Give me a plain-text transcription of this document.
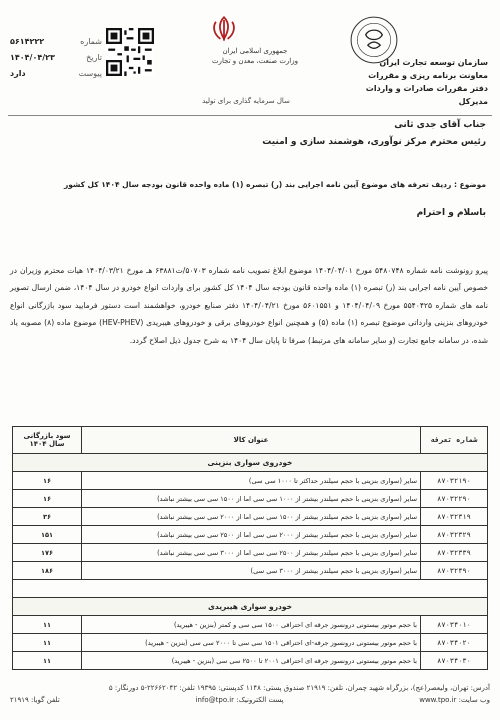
۵۶۱۴۲۲۲	شماره
۱۴۰۴/۰۴/۲۳	تاریخ
دارد	پیوست
جمهوری اسلامی ایران
وزارت صنعت، معدن و تجارت
سال سرمایه گذاری برای تولید
سازمان توسعه تجارت ایران
معاونت برنامه ریزی و مقررات
دفتر مقررات صادرات و واردات
مدیرکل
جناب آقای جدی ثانی
رئیس محترم مرکز نوآوری، هوشمند سازی و امنیت
موضوع : ردیف تعرفه های موضوع آیین نامه اجرایی بند (ر) تبصره (۱) ماده واحده قانون بودجه سال ۱۴۰۴ کل کشور
باسلام و احترام
پیرو رونوشت نامه شماره ۵۴۸۰۷۴۸ مورخ ۱۴۰۴/۰۴/۰۱ موضوع ابلاغ تصویب نامه شماره ۵۰۷۰۳/ت۶۳۸۸۱ هـ مورخ ۱۴۰۴/۰۳/۲۱ هیات محترم وزیران در خصوص آیین نامه اجرایی بند (ر) تبصره (۱) ماده واحده قانون بودجه سال ۱۴۰۴ کل کشور برای واردات انواع خودرو در سال ۱۴۰۴، ضمن ارسال تصویر نامه های شماره ۵۵۴۰۴۲۵ مورخ ۱۴۰۴/۰۴/۰۹ و ۵۶۰۱۵۵۱ مورخ ۱۴۰۴/۰۴/۲۱ دفتر صنایع خودرو، خواهشمند است دستور فرمایید سود بازرگانی انواع خودروهای بنزینی وارداتی موضوع تبصره (۱) ماده (۵) و همچنین انواع خودروهای برقی و خودروهای هیبریدی (HEV-PHEV) موضوع ماده (۸) مصوبه یاد شده، در سامانه جامع تجارت (و سایر سامانه های مرتبط) صرفا تا پایان سال ۱۴۰۴ به شرح جدول ذیل اصلاح گردد.
شماره تعرفه	عنوان کالا	سود بازرگانی سال ۱۴۰۴
خودروی سواری بنزینی		
۸۷۰۳۲۱۹۰	سایر (سواری بنزینی با حجم سیلندر حداکثر تا ۱۰۰۰ سی سی)	۱۶
۸۷۰۳۲۲۹۰	سایر (سواری بنزینی با حجم سیلندر بیشتر از ۱۰۰۰ سی سی اما از ۱۵۰۰ سی سی بیشتر نباشد)	۱۶
۸۷۰۳۲۳۱۹	سایر (سواری بنزینی با حجم سیلندر بیشتر از ۱۵۰۰ سی سی اما از ۲۰۰۰ سی سی بیشتر نباشد)	۳۶
۸۷۰۳۲۳۲۹	سایر (سواری بنزینی با حجم سیلندر بیشتر از ۲۰۰۰ سی سی اما از ۲۵۰۰ سی سی بیشتر نباشد)	۱۵۱
۸۷۰۳۲۳۳۹	سایر (سواری بنزینی با حجم سیلندر بیشتر از ۲۵۰۰ سی سی اما از ۳۰۰۰ سی سی بیشتر نباشد)	۱۷۶
۸۷۰۳۲۴۹۰	سایر (سواری بنزینی با حجم سیلندر بیشتر از ۳۰۰۰ سی سی)	۱۸۶

خودرو سواری هیبریدی		
۸۷۰۳۴۰۱۰	با حجم موتور بیستونی درونسوز جرقه ای احتراقی ۱۵۰۰ سی سی و کمتر (بنزین - هیبرید)	۱۱
۸۷۰۳۴۰۲۰	با حجم موتور بیستونی درونسوز جرقه-ای احتراقی ۱۵۰۱ سی سی تا ۲۰۰۰ سی سی (بنزین - هیبرید)	۱۱
۸۷۰۳۴۰۳۰	با حجم موتور بیستونی درونسوز جرقه ای احتراقی ۲۰۰۱ تا ۲۵۰۰ سی سی (بنزین - هیبرید)	۱۱
آدرس: تهران، ولیعصر(عج)، بزرگراه شهید چمران، تلفن: ۲۱۹۱۹ صندوق پستی: ۱۱۴۸ کدپستی: ۱۹۳۹۵ تلفن: ۲۲۶۶۲۰۴۲-۵ دورنگار: ۵
وب سایت: www.tpo.ir
پست الکترونیک: info@tpo.ir
تلفن گویا: ۲۱۹۱۹
